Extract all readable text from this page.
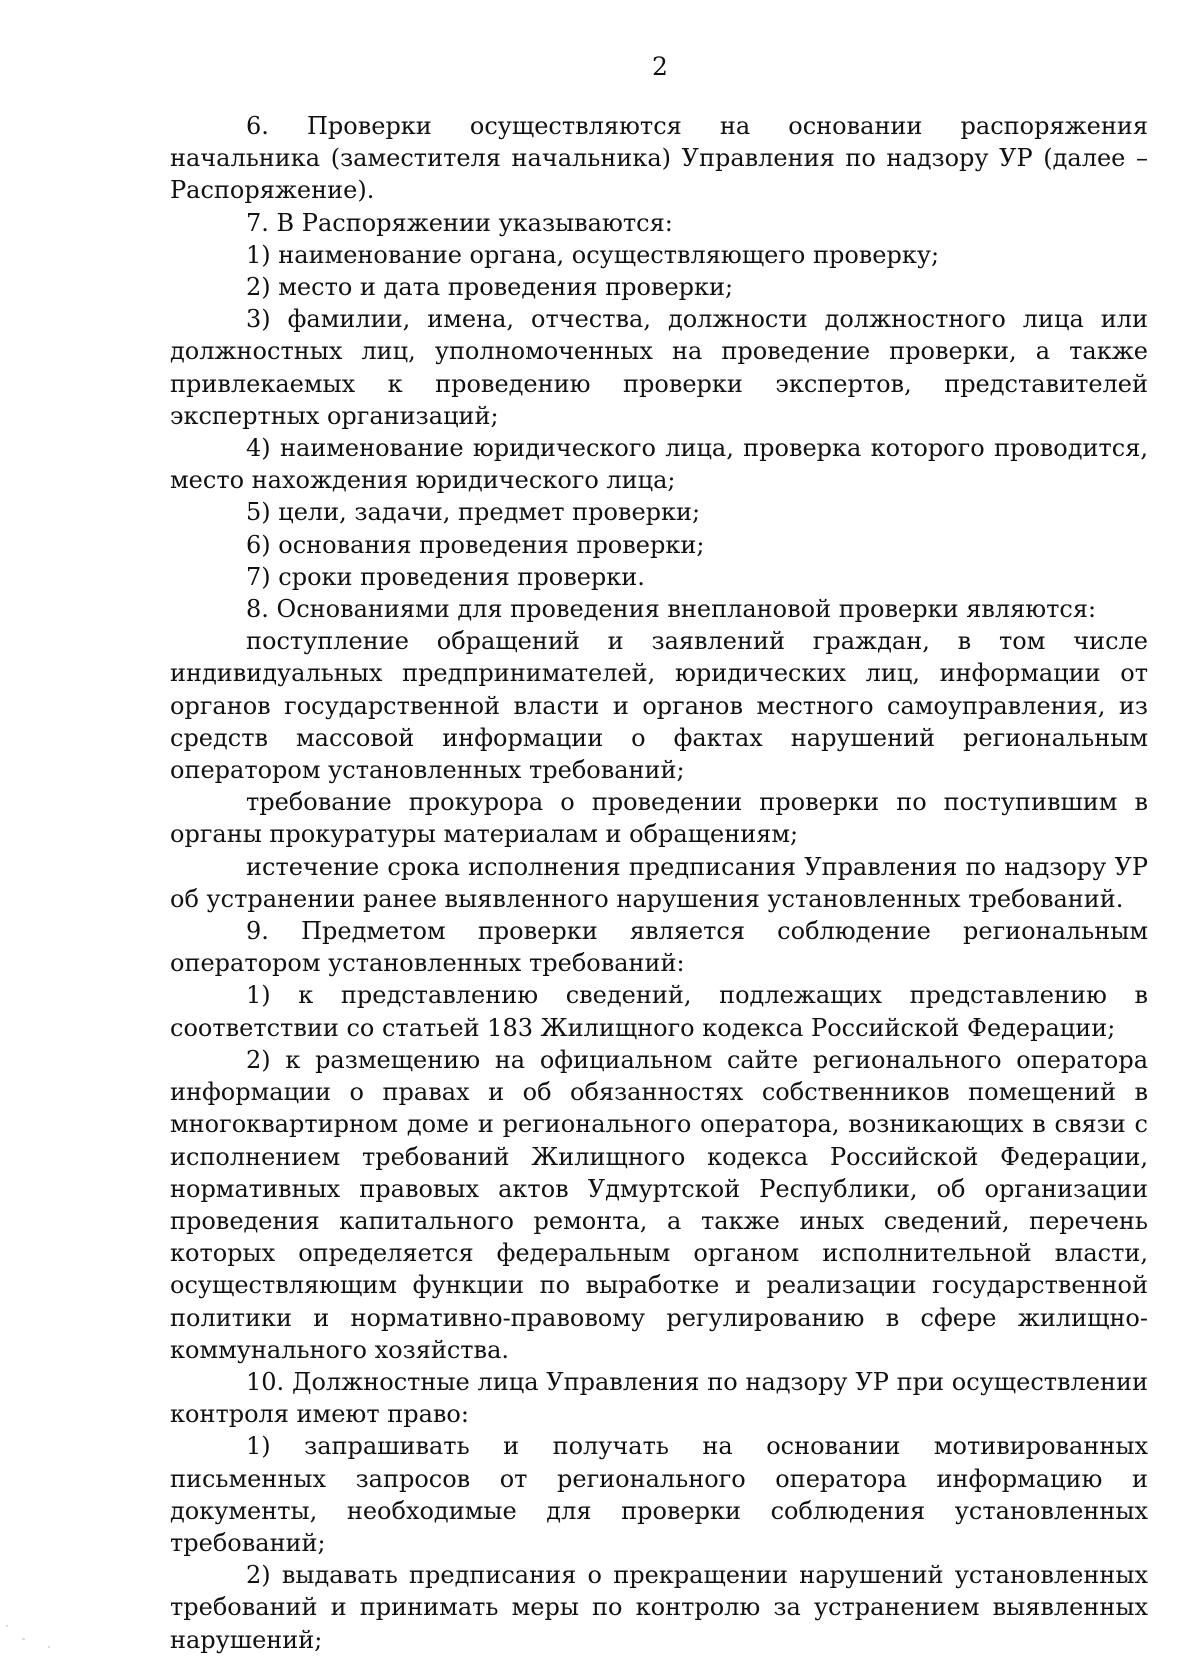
2

6. Проверки осуществляются на основании распоряжения начальника (заместителя начальника) Управления по надзору УР (далее – Распоряжение).

7. В Распоряжении указываются:

1) наименование органа, осуществляющего проверку;

2) место и дата проведения проверки;

3) фамилии, имена, отчества, должности должностного лица или должностных лиц, уполномоченных на проведение проверки, а также привлекаемых к проведению проверки экспертов, представителей экспертных организаций;

4) наименование юридического лица, проверка которого проводится, место нахождения юридического лица;

5) цели, задачи, предмет проверки;

6) основания проведения проверки;

7) сроки проведения проверки.

8. Основаниями для проведения внеплановой проверки являются:

поступление обращений и заявлений граждан, в том числе индивидуальных предпринимателей, юридических лиц, информации от органов государственной власти и органов местного самоуправления, из средств массовой информации о фактах нарушений региональным оператором установленных требований;

требование прокурора о проведении проверки по поступившим в органы прокуратуры материалам и обращениям;

истечение срока исполнения предписания Управления по надзору УР об устранении ранее выявленного нарушения установленных требований.

9. Предметом проверки является соблюдение региональным оператором установленных требований:

1) к представлению сведений, подлежащих представлению в соответствии со статьей 183 Жилищного кодекса Российской Федерации;

2) к размещению на официальном сайте регионального оператора информации о правах и об обязанностях собственников помещений в многоквартирном доме и регионального оператора, возникающих в связи с исполнением требований Жилищного кодекса Российской Федерации, нормативных правовых актов Удмуртской Республики, об организации проведения капитального ремонта, а также иных сведений, перечень которых определяется федеральным органом исполнительной власти, осуществляющим функции по выработке и реализации государственной политики и нормативно-правовому регулированию в сфере жилищно-коммунального хозяйства.

10. Должностные лица Управления по надзору УР при осуществлении контроля имеют право:

1) запрашивать и получать на основании мотивированных письменных запросов от регионального оператора информацию и документы, необходимые для проверки соблюдения установленных требований;

2) выдавать предписания о прекращении нарушений установленных требований и принимать меры по контролю за устранением выявленных нарушений;
